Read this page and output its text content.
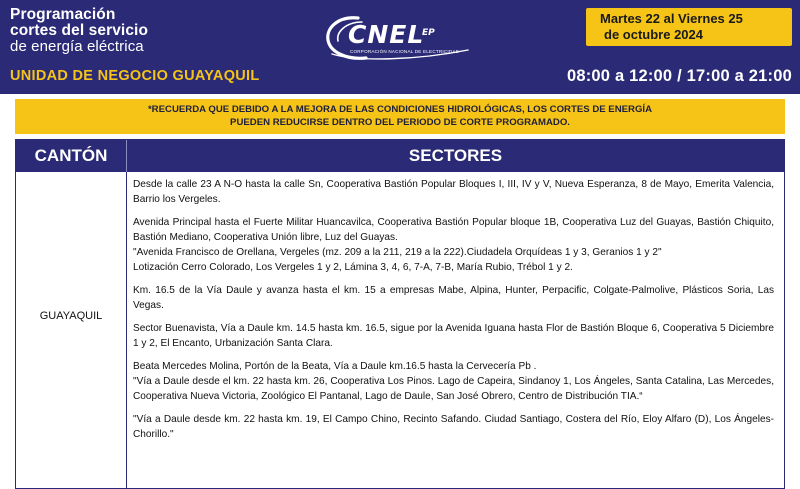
Programación
cortes del servicio
de energía eléctrica
UNIDAD DE NEGOCIO GUAYAQUIL
CNEL
EP
CORPORACIÓN NACIONAL DE ELECTRICIDAD
Martes 22 al Viernes 25
de octubre 2024
08:00 a 12:00 / 17:00 a 21:00
*RECUERDA QUE DEBIDO A LA MEJORA DE LAS CONDICIONES HIDROLÓGICAS, LOS CORTES DE ENERGÍA
PUEDEN REDUCIRSE DENTRO DEL PERIODO DE CORTE PROGRAMADO.
CANTÓN	SECTORES
GUAYAQUIL
Desde la calle 23 A N-O hasta la calle Sn, Cooperativa Bastión Popular Bloques I, III, IV y V, Nueva Esperanza, 8 de Mayo, Emerita Valencia, Barrio los Vergeles.
Avenida Principal hasta el Fuerte Militar Huancavilca, Cooperativa Bastión Popular bloque 1B, Cooperativa Luz del Guayas, Bastión Chiquito, Bastión Mediano, Cooperativa Unión libre, Luz del Guayas.
"Avenida Francisco de Orellana, Vergeles (mz. 209 a la 211, 219 a la 222).Ciudadela Orquídeas 1 y 3, Geranios 1 y 2"
Lotización Cerro Colorado, Los Vergeles 1 y 2, Lámina 3, 4, 6, 7-A, 7-B, María Rubio, Trébol 1 y 2.
Km. 16.5 de la Vía Daule y avanza hasta el km. 15 a empresas Mabe, Alpina, Hunter, Perpacific, Colgate-Palmolive, Plásticos Soria, Las Vegas.
Sector Buenavista, Vía a Daule km. 14.5 hasta km. 16.5, sigue por la Avenida Iguana hasta Flor de Bastión Bloque 6, Cooperativa 5 Diciembre 1 y 2, El Encanto, Urbanización Santa Clara.
Beata Mercedes Molina, Portón de la Beata, Vía a Daule km.16.5 hasta la Cervecería Pb .
"Vía a Daule desde el km. 22 hasta km. 26, Cooperativa Los Pinos. Lago de Capeira, Sindanoy 1, Los Ángeles, Santa Catalina, Las Mercedes, Cooperativa Nueva Victoria, Zoológico El Pantanal, Lago de Daule, San José Obrero, Centro de Distribución TIA.“
"Vía a Daule desde km. 22 hasta km. 19, El Campo Chino, Recinto Safando. Ciudad Santiago, Costera del Río, Eloy Alfaro (D), Los Ángeles- Chorillo."
